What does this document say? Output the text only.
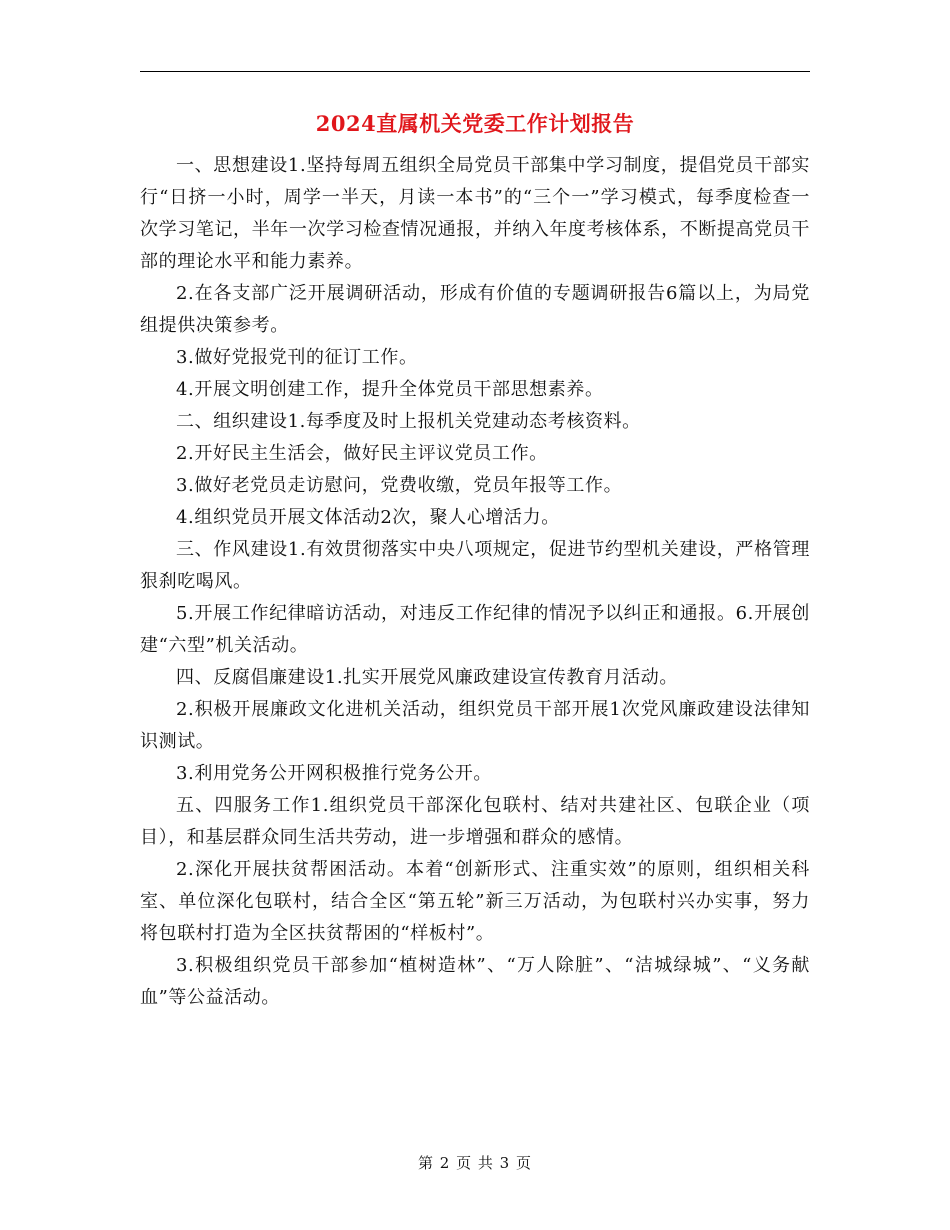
2024直属机关党委工作计划报告

一、思想建设1.坚持每周五组织全局党员干部集中学习制度，提倡党员干部实行“日挤一小时，周学一半天，月读一本书”的“三个一”学习模式，每季度检查一次学习笔记，半年一次学习检查情况通报，并纳入年度考核体系，不断提高党员干部的理论水平和能力素养。

2.在各支部广泛开展调研活动，形成有价值的专题调研报告6篇以上，为局党组提供决策参考。

3.做好党报党刊的征订工作。

4.开展文明创建工作，提升全体党员干部思想素养。

二、组织建设1.每季度及时上报机关党建动态考核资料。

2.开好民主生活会，做好民主评议党员工作。

3.做好老党员走访慰问，党费收缴，党员年报等工作。

4.组织党员开展文体活动2次，聚人心增活力。

三、作风建设1.有效贯彻落实中央八项规定，促进节约型机关建设，严格管理狠刹吃喝风。

5.开展工作纪律暗访活动，对违反工作纪律的情况予以纠正和通报。6.开展创建“六型”机关活动。

四、反腐倡廉建设1.扎实开展党风廉政建设宣传教育月活动。

2.积极开展廉政文化进机关活动，组织党员干部开展1次党风廉政建设法律知识测试。

3.利用党务公开网积极推行党务公开。

五、四服务工作1.组织党员干部深化包联村、结对共建社区、包联企业（项目），和基层群众同生活共劳动，进一步增强和群众的感情。

2.深化开展扶贫帮困活动。本着“创新形式、注重实效”的原则，组织相关科室、单位深化包联村，结合全区“第五轮”新三万活动，为包联村兴办实事，努力将包联村打造为全区扶贫帮困的“样板村”。

3.积极组织党员干部参加“植树造林”、“万人除脏”、“洁城绿城”、“义务献血”等公益活动。

第 2 页 共 3 页
